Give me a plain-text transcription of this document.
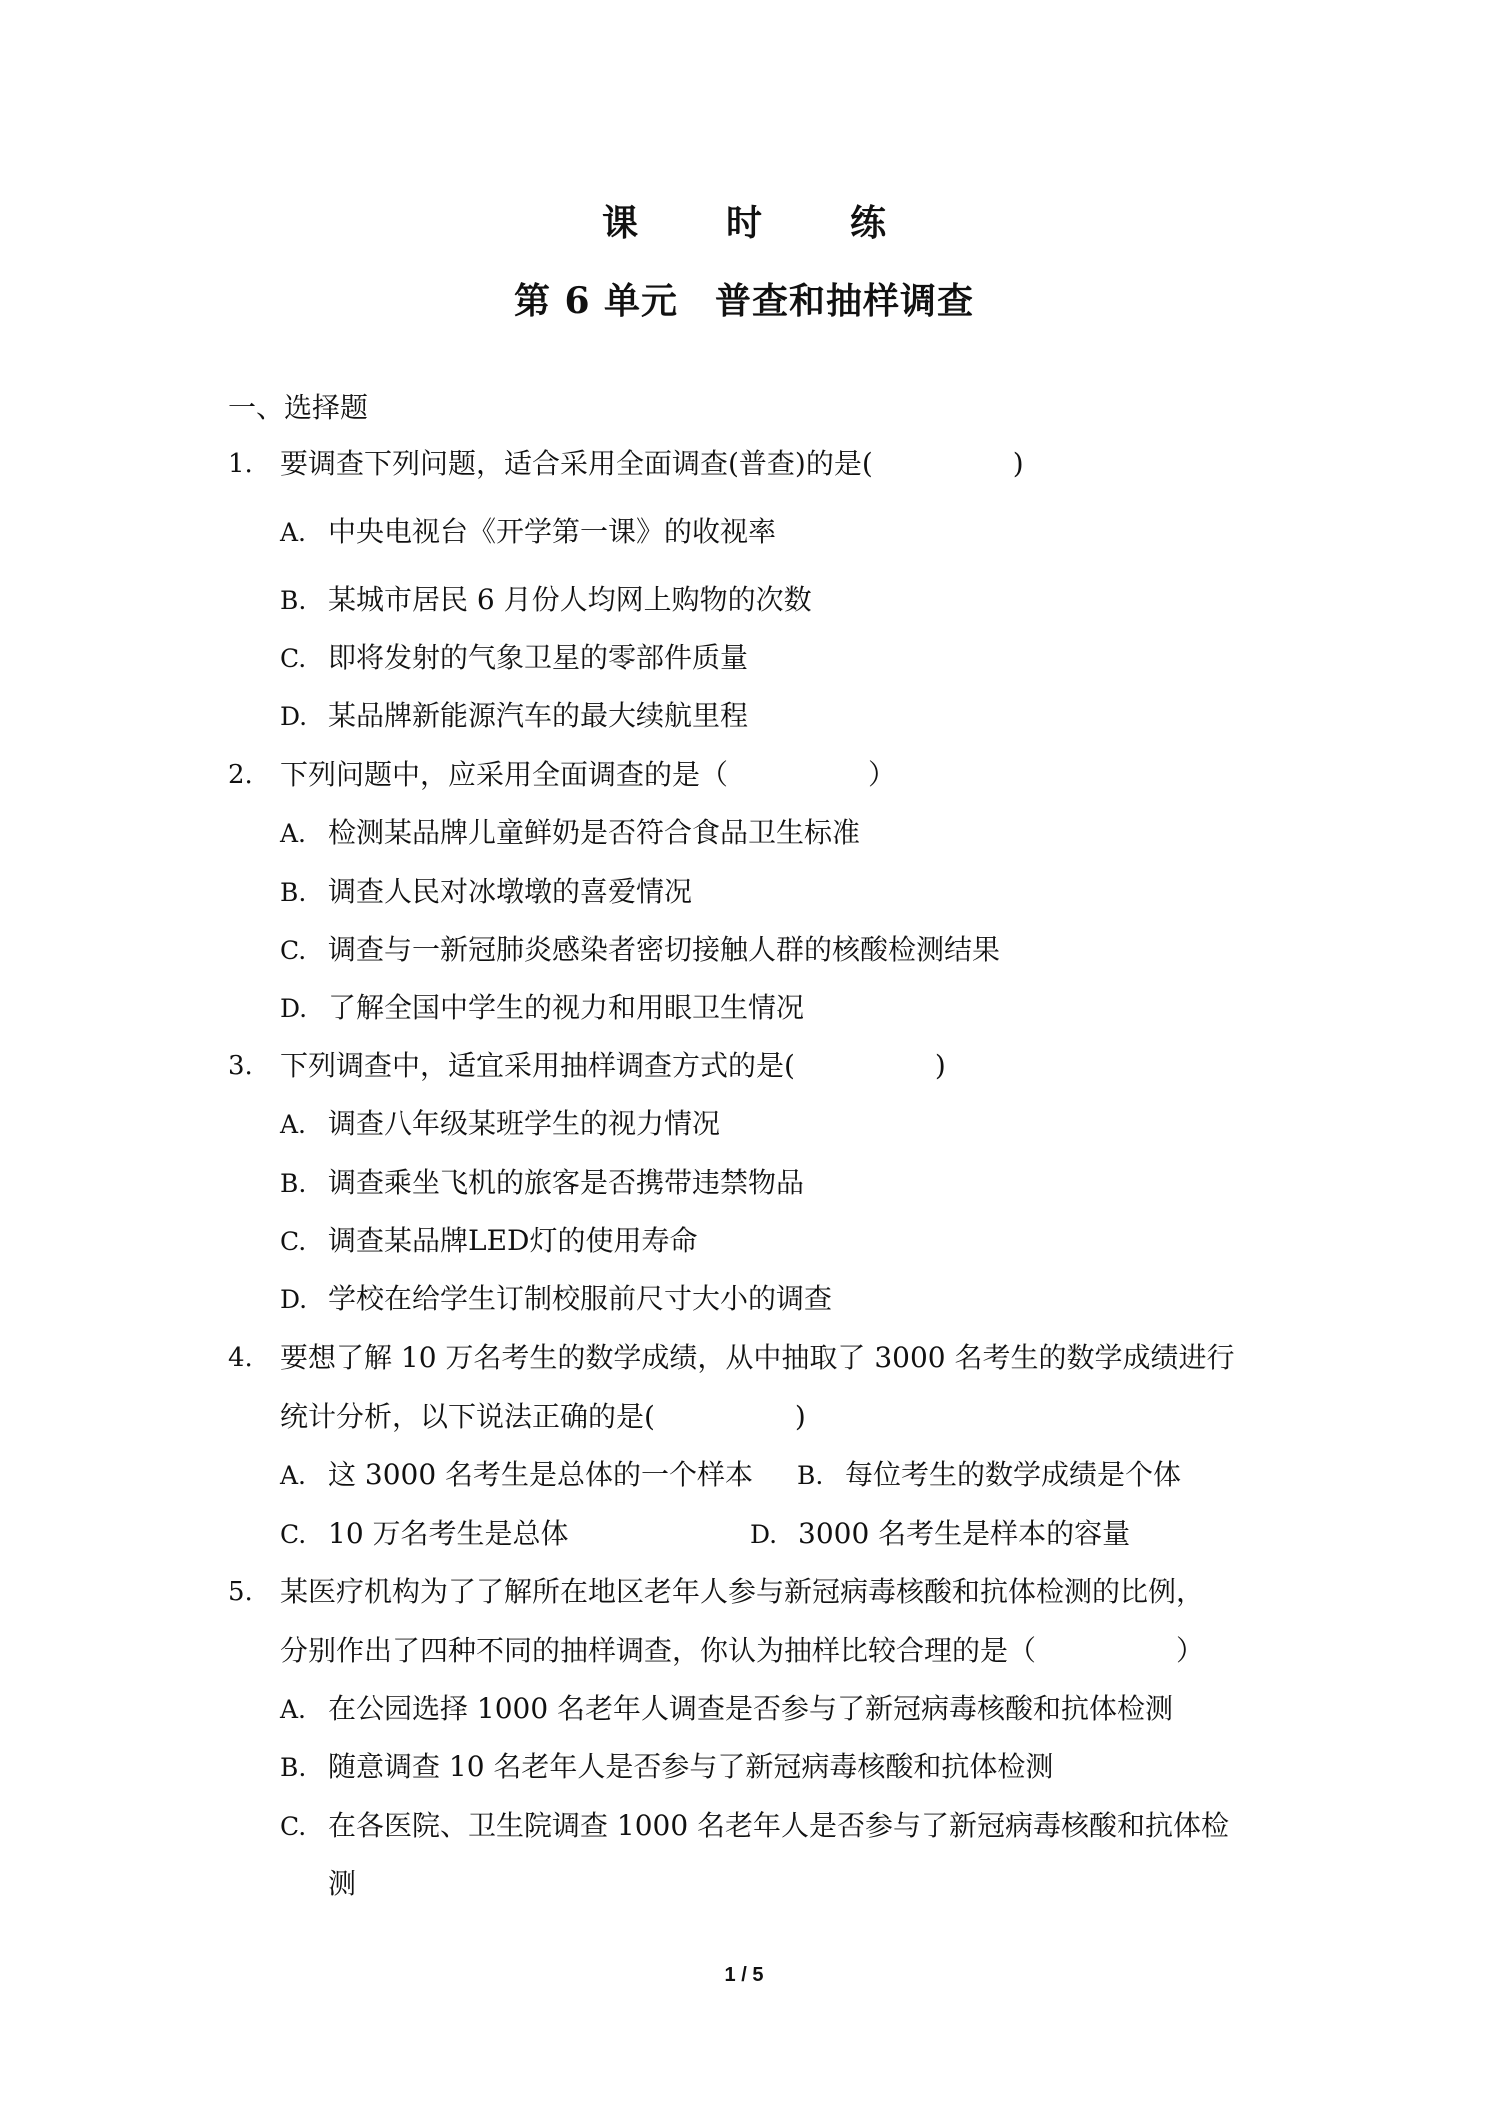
课　时　练
第 6 单元　普查和抽样调查
一、选择题
1. 要调查下列问题，适合采用全面调查(普查)的是(　　　　　)
A. 中央电视台《开学第一课》的收视率
B. 某城市居民 6 月份人均网上购物的次数
C. 即将发射的气象卫星的零部件质量
D. 某品牌新能源汽车的最大续航里程
2. 下列问题中，应采用全面调查的是（　　　　　）
A. 检测某品牌儿童鲜奶是否符合食品卫生标准
B. 调查人民对冰墩墩的喜爱情况
C. 调查与一新冠肺炎感染者密切接触人群的核酸检测结果
D. 了解全国中学生的视力和用眼卫生情况
3. 下列调查中，适宜采用抽样调查方式的是(　　　　　)
A. 调查八年级某班学生的视力情况
B. 调查乘坐飞机的旅客是否携带违禁物品
C. 调查某品牌LED灯的使用寿命
D. 学校在给学生订制校服前尺寸大小的调查
4. 要想了解 10 万名考生的数学成绩，从中抽取了 3000 名考生的数学成绩进行
统计分析，以下说法正确的是(　　　　　)
A. 这 3000 名考生是总体的一个样本 B. 每位考生的数学成绩是个体
C. 10 万名考生是总体	D. 3000 名考生是样本的容量
5. 某医疗机构为了了解所在地区老年人参与新冠病毒核酸和抗体检测的比例，
分别作出了四种不同的抽样调查，你认为抽样比较合理的是（　　　　　）
A. 在公园选择 1000 名老年人调查是否参与了新冠病毒核酸和抗体检测
B. 随意调查 10 名老年人是否参与了新冠病毒核酸和抗体检测
C. 在各医院、卫生院调查 1000 名老年人是否参与了新冠病毒核酸和抗体检
测
1 / 5
